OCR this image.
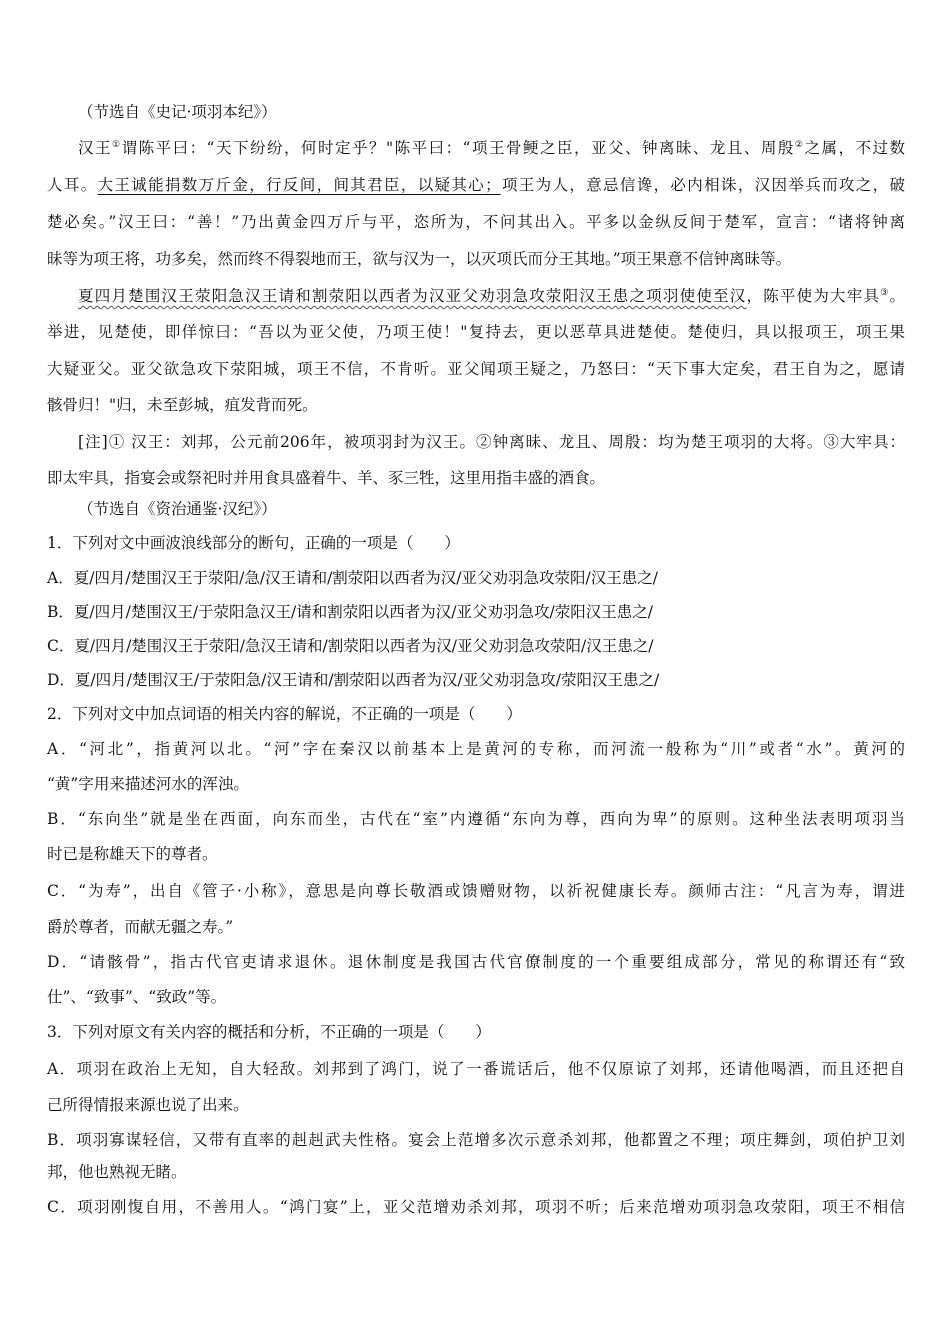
（节选自《史记·项羽本纪》）
汉王①谓陈平曰：“天下纷纷，何时定乎？"陈平曰：“项王骨鲠之臣，亚父、钟离昧、龙且、周殷②之属，不过数
人耳。大王诚能捐数万斤金，行反间，间其君臣，以疑其心；项王为人，意忌信谗，必内相诛，汉因举兵而攻之，破
楚必矣。”汉王曰：“善！”乃出黄金四万斤与平，恣所为，不问其出入。平多以金纵反间于楚军，宣言：“诸将钟离
昧等为项王将，功多矣，然而终不得裂地而王，欲与汉为一，以灭项氏而分王其地。”项王果意不信钟离昧等。
夏四月楚围汉王荥阳急汉王请和割荥阳以西者为汉亚父劝羽急攻荥阳汉王患之项羽使使至汉，陈平使为大牢具③。
举进，见楚使，即佯惊曰：“吾以为亚父使，乃项王使！"复持去，更以恶草具进楚使。楚使归，具以报项王，项王果
大疑亚父。亚父欲急攻下荥阳城，项王不信，不肯听。亚父闻项王疑之，乃怒曰：“天下事大定矣，君王自为之，愿请
骸骨归！"归，未至彭城，疽发背而死。
[注]① 汉王：刘邦，公元前206年，被项羽封为汉王。②钟离昧、龙且、周殷：均为楚王项羽的大将。③大牢具：
即太牢具，指宴会或祭祀时并用食具盛着牛、羊、豕三牲，这里用指丰盛的酒食。
（节选自《资治通鉴·汉纪》）
1．下列对文中画波浪线部分的断句，正确的一项是（　　）
A．夏/四月/楚围汉王于荥阳/急/汉王请和/割荥阳以西者为汉/亚父劝羽急攻荥阳/汉王患之/
B．夏/四月/楚围汉王/于荥阳急汉王/请和割荥阳以西者为汉/亚父劝羽急攻/荥阳汉王患之/
C．夏/四月/楚围汉王于荥阳/急汉王请和/割荥阳以西者为汉/亚父劝羽急攻荥阳/汉王患之/
D．夏/四月/楚围汉王/于荥阳急/汉王请和/割荥阳以西者为汉/亚父劝羽急攻/荥阳汉王患之/
2．下列对文中加点词语的相关内容的解说，不正确的一项是（　　）
A．“河北”，指黄河以北。“河”字在秦汉以前基本上是黄河的专称，而河流一般称为“川”或者“水”。黄河的
“黄”字用来描述河水的浑浊。
B．“东向坐”就是坐在西面，向东而坐，古代在“室”内遵循“东向为尊，西向为卑”的原则。这种坐法表明项羽当
时已是称雄天下的尊者。
C．“为寿”，出自《管子·小称》，意思是向尊长敬酒或馈赠财物，以祈祝健康长寿。颜师古注：“凡言为寿，谓进
爵於尊者，而献无疆之寿。”
D．“请骸骨”，指古代官吏请求退休。退休制度是我国古代官僚制度的一个重要组成部分，常见的称谓还有“致
仕”、“致事”、“致政”等。
3．下列对原文有关内容的概括和分析，不正确的一项是（　　）
A．项羽在政治上无知，自大轻敌。刘邦到了鸿门，说了一番谎话后，他不仅原谅了刘邦，还请他喝酒，而且还把自
己所得情报来源也说了出来。
B．项羽寡谋轻信，又带有直率的赳赳武夫性格。宴会上范增多次示意杀刘邦，他都置之不理；项庄舞剑，项伯护卫刘
邦，他也熟视无睹。
C．项羽刚愎自用，不善用人。“鸿门宴”上，亚父范增劝杀刘邦，项羽不听；后来范增劝项羽急攻荥阳，项王不相信
